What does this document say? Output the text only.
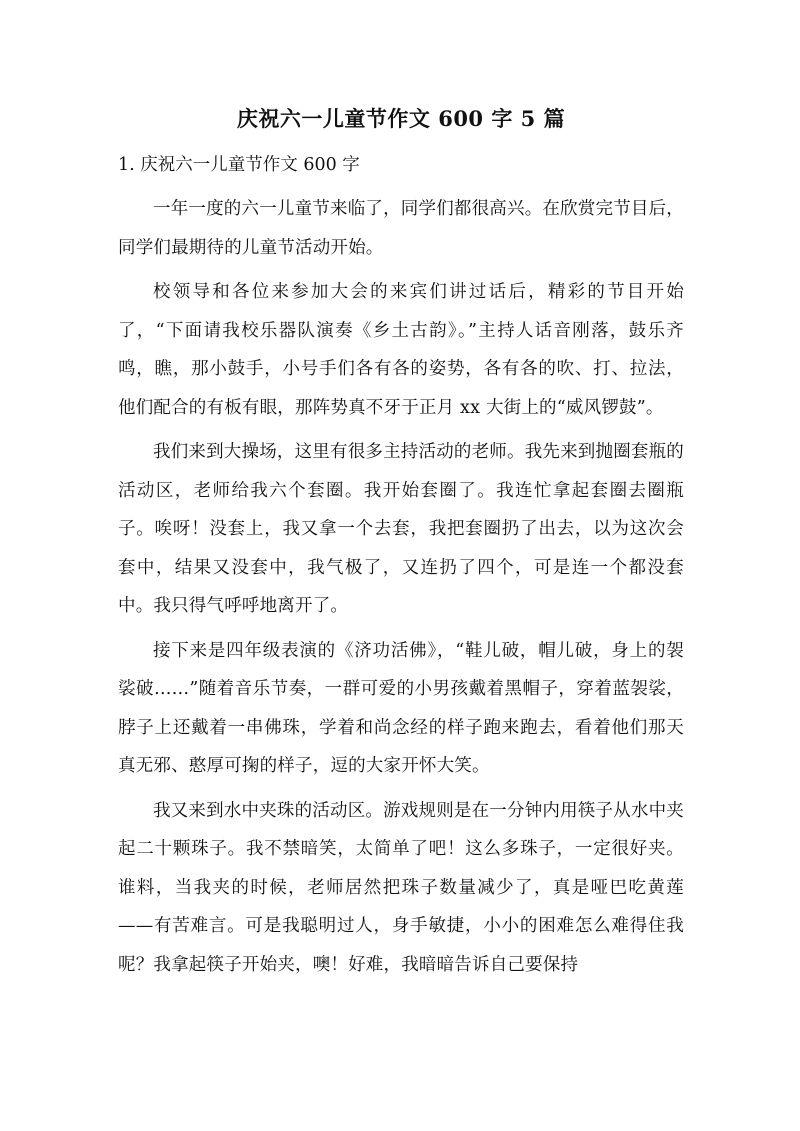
庆祝六一儿童节作文 600 字 5 篇
1. 庆祝六一儿童节作文 600 字

一年一度的六一儿童节来临了，同学们都很高兴。在欣赏完节目后，同学们最期待的儿童节活动开始。

校领导和各位来参加大会的来宾们讲过话后，精彩的节目开始了，“下面请我校乐器队演奏《乡土古韵》。”主持人话音刚落，鼓乐齐鸣，瞧，那小鼓手，小号手们各有各的姿势，各有各的吹、打、拉法，他们配合的有板有眼，那阵势真不牙于正月 xx 大街上的“威风锣鼓”。

我们来到大操场，这里有很多主持活动的老师。我先来到抛圈套瓶的活动区，老师给我六个套圈。我开始套圈了。我连忙拿起套圈去圈瓶子。唉呀！没套上，我又拿一个去套，我把套圈扔了出去，以为这次会套中，结果又没套中，我气极了，又连扔了四个，可是连一个都没套中。我只得气呼呼地离开了。

接下来是四年级表演的《济功活佛》，“鞋儿破，帽儿破，身上的袈裟破……”随着音乐节奏，一群可爱的小男孩戴着黑帽子，穿着蓝袈裟，脖子上还戴着一串佛珠，学着和尚念经的样子跑来跑去，看着他们那天真无邪、憨厚可掬的样子，逗的大家开怀大笑。

我又来到水中夹珠的活动区。游戏规则是在一分钟内用筷子从水中夹起二十颗珠子。我不禁暗笑，太简单了吧！这么多珠子，一定很好夹。谁料，当我夹的时候，老师居然把珠子数量减少了，真是哑巴吃黄莲——有苦难言。可是我聪明过人，身手敏捷，小小的困难怎么难得住我呢？我拿起筷子开始夹，噢！好难，我暗暗告诉自己要保持
